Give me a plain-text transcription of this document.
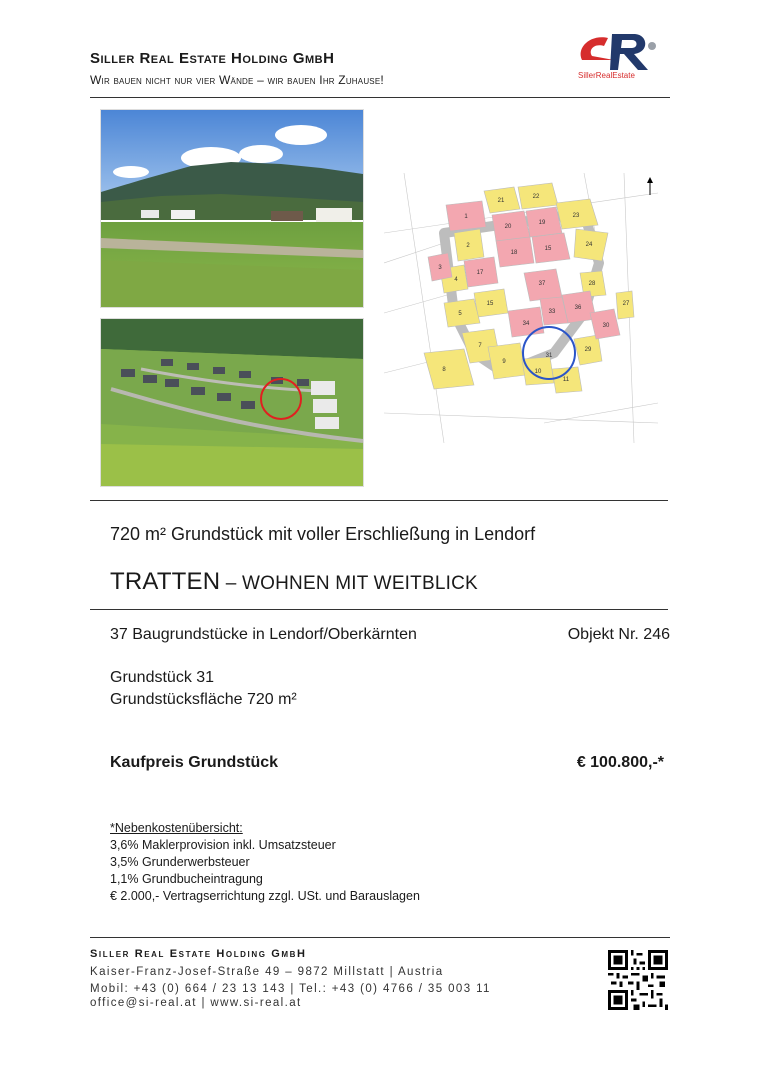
Siller Real Estate Holding GmbH
Wir bauen nicht nur vier Wände – wir bauen Ihr Zuhause!	SillerRealEstate
21
22
23
24
1
20
19
18
15
2
17
3
4
15
37
36
34
33
27
28
5
30
7
8
9
10
11
29
31
720 m² Grundstück mit voller Erschließung in Lendorf
TRATTEN – WOHNEN MIT WEITBLICK
37 Baugrundstücke in Lendorf/Oberkärnten	Objekt Nr. 246
Grundstück 31
Grundstücksfläche 720 m²
Kaufpreis Grundstück	€ 100.800,-*
*Nebenkostenübersicht:
3,6% Maklerprovision inkl. Umsatzsteuer
3,5% Grunderwerbsteuer
1,1% Grundbucheintragung
€ 2.000,- Vertragserrichtung zzgl. USt. und Barauslagen
Siller Real Estate Holding GmbH
Kaiser-Franz-Josef-Straße 49 – 9872 Millstatt | Austria
Mobil: +43 (0) 664 / 23 13 143 | Tel.: +43 (0) 4766 / 35 003 11
office@si-real.at | www.si-real.at
